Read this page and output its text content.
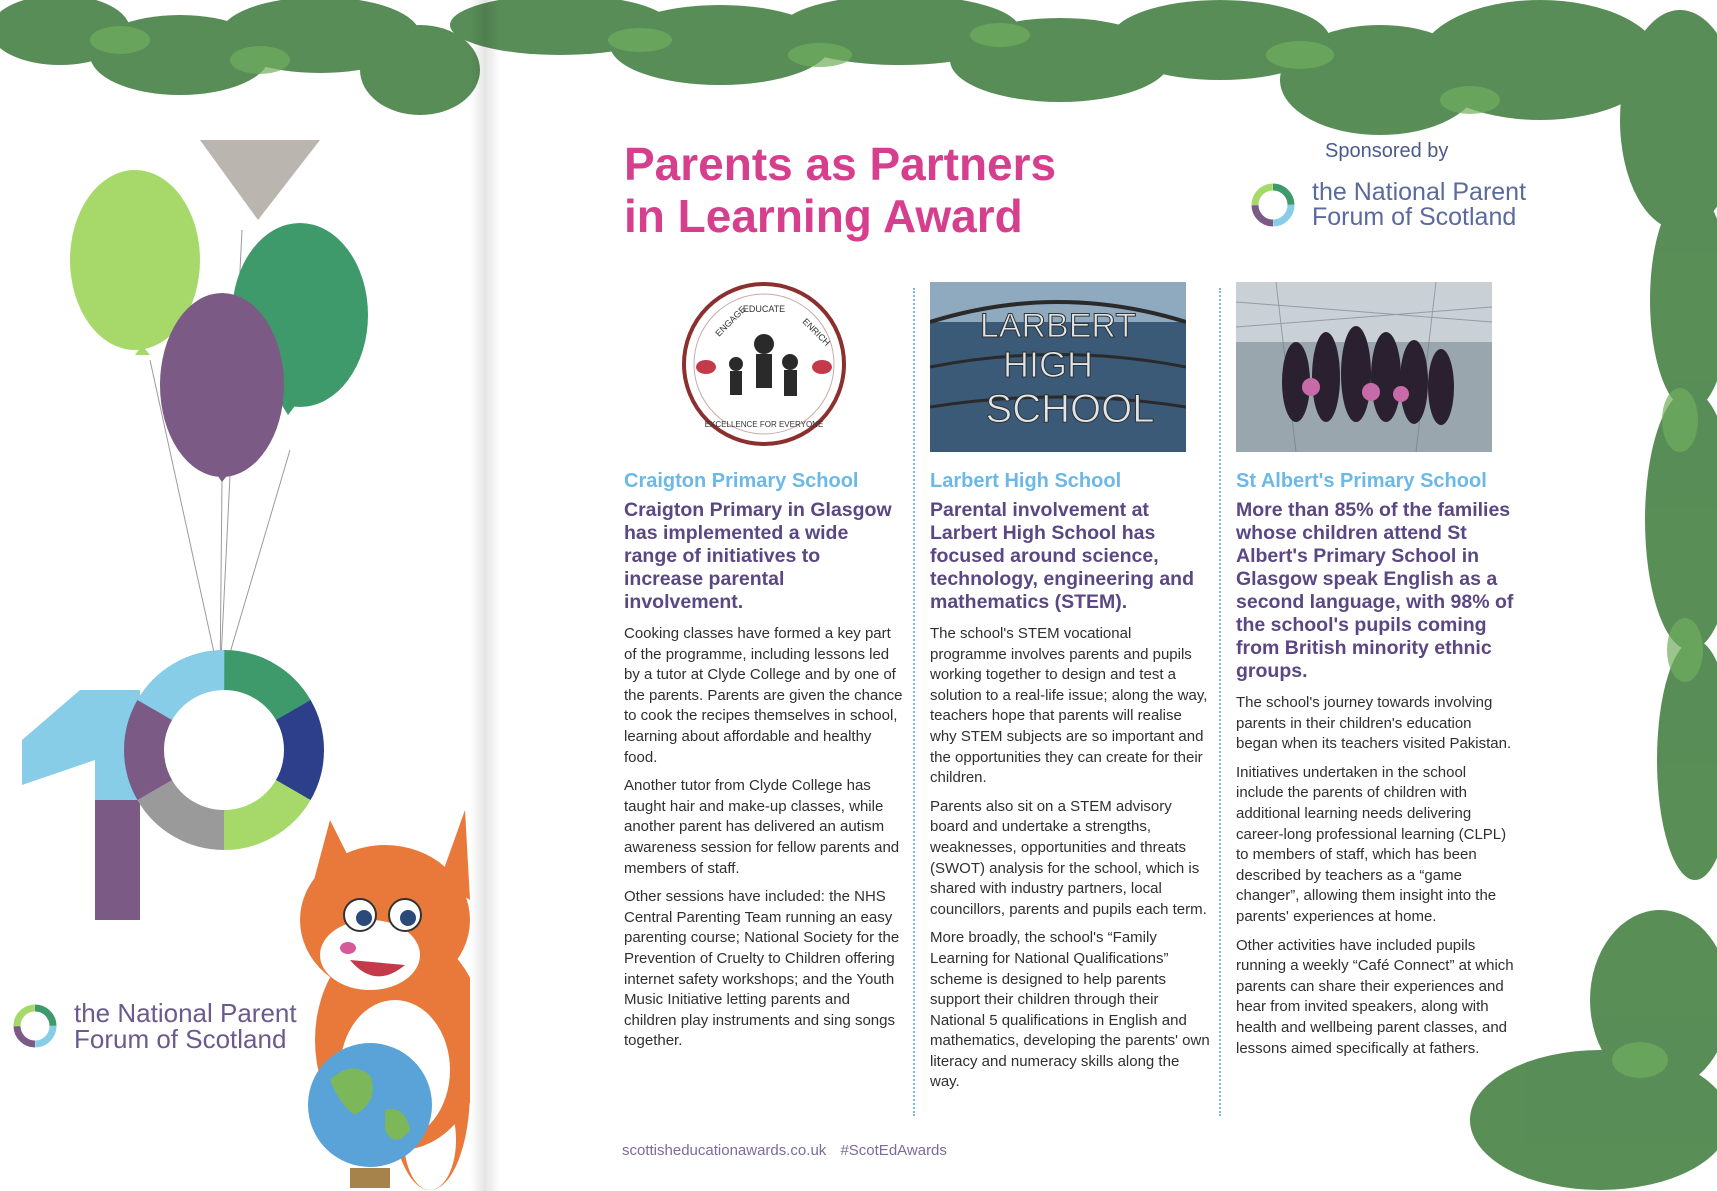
the National Parent
Forum of Scotland
Parents as Partners
in Learning Award
Sponsored by
the National Parent
Forum of Scotland
EDUCATE
ENGAGE	ENRICH
EXCELLENCE FOR EVERYONE
Craigton Primary School
Craigton Primary in Glasgow has implemented a wide range of initiatives to increase parental involvement.

Cooking classes have formed a key part of the programme, including lessons led by a tutor at Clyde College and by one of the parents. Parents are given the chance to cook the recipes themselves in school, learning about affordable and healthy food.

Another tutor from Clyde College has taught hair and make-up classes, while another parent has delivered an autism awareness session for fellow parents and members of staff.

Other sessions have included: the NHS Central Parenting Team running an easy parenting course; National Society for the Prevention of Cruelty to Children offering internet safety workshops; and the Youth Music Initiative letting parents and children play instruments and sing songs together.

LARBERT
HIGH
SCHOOL
Larbert High School
Parental involvement at Larbert High School has focused around science, technology, engineering and mathematics (STEM).

The school's STEM vocational programme involves parents and pupils working together to design and test a solution to a real-life issue; along the way, teachers hope that parents will realise why STEM subjects are so important and the opportunities they can create for their children.

Parents also sit on a STEM advisory board and undertake a strengths, weaknesses, opportunities and threats (SWOT) analysis for the school, which is shared with industry partners, local councillors, parents and pupils each term.

More broadly, the school's “Family Learning for National Qualifications” scheme is designed to help parents support their children through their National 5 qualifications in English and mathematics, developing the parents' own literacy and numeracy skills along the way.

St Albert's Primary School
More than 85% of the families whose children attend St Albert's Primary School in Glasgow speak English as a second language, with 98% of the school's pupils coming from British minority ethnic groups.

The school's journey towards involving parents in their children's education began when its teachers visited Pakistan.

Initiatives undertaken in the school include the parents of children with additional learning needs delivering career-long professional learning (CLPL) to members of staff, which has been described by teachers as a “game changer”, allowing them insight into the parents' experiences at home.

Other activities have included pupils running a weekly “Café Connect” at which parents can share their experiences and hear from invited speakers, along with health and wellbeing parent classes, and lessons aimed specifically at fathers.

scottisheducationawards.co.uk #ScotEdAwards
